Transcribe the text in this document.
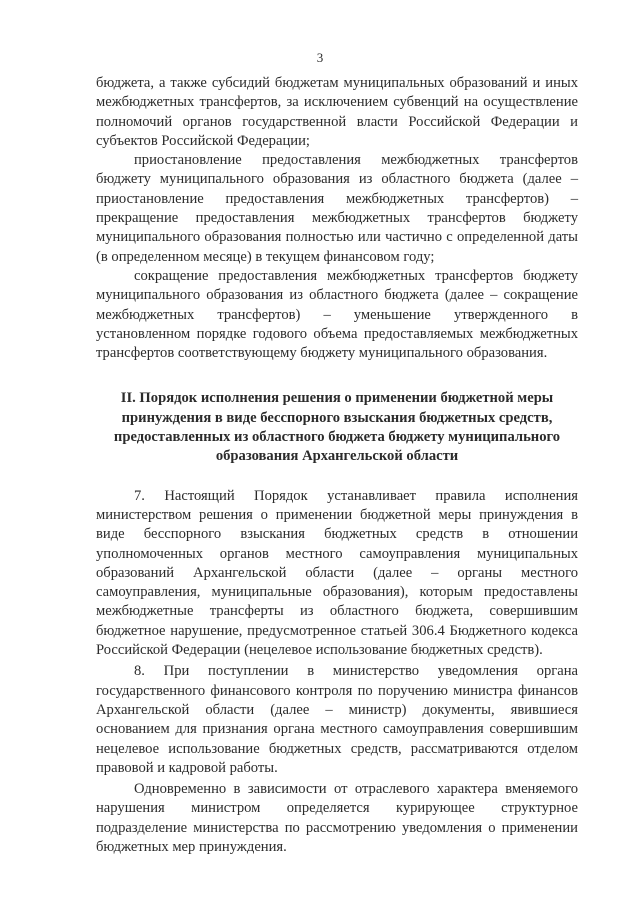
3

бюджета, а также субсидий бюджетам муниципальных образований и иных межбюджетных трансфертов, за исключением субвенций на осуществление полномочий органов государственной власти Российской Федерации и субъектов Российской Федерации;

приостановление предоставления межбюджетных трансфертов бюджету муниципального образования из областного бюджета (далее – приостановление предоставления межбюджетных трансфертов) – прекращение предоставления межбюджетных трансфертов бюджету муниципального образования полностью или частично с определенной даты (в определенном месяце) в текущем финансовом году;

сокращение предоставления межбюджетных трансфертов бюджету муниципального образования из областного бюджета (далее – сокращение межбюджетных трансфертов) – уменьшение утвержденного в установленном порядке годового объема предоставляемых межбюджетных трансфертов соответствующему бюджету муниципального образования.

II. Порядок исполнения решения о применении бюджетной меры принуждения в виде бесспорного взыскания бюджетных средств, предоставленных из областного бюджета бюджету муниципального образования Архангельской области

7. Настоящий Порядок устанавливает правила исполнения министерством решения о применении бюджетной меры принуждения в виде бесспорного взыскания бюджетных средств в отношении уполномоченных органов местного самоуправления муниципальных образований Архангельской области (далее – органы местного самоуправления, муниципальные образования), которым предоставлены межбюджетные трансферты из областного бюджета, совершившим бюджетное нарушение, предусмотренное статьей 306.4 Бюджетного кодекса Российской Федерации (нецелевое использование бюджетных средств).

8. При поступлении в министерство уведомления органа государственного финансового контроля по поручению министра финансов Архангельской области (далее – министр) документы, явившиеся основанием для признания органа местного самоуправления совершившим нецелевое использование бюджетных средств, рассматриваются отделом правовой и кадровой работы.

Одновременно в зависимости от отраслевого характера вменяемого нарушения министром определяется курирующее структурное подразделение министерства по рассмотрению уведомления о применении бюджетных мер принуждения.
